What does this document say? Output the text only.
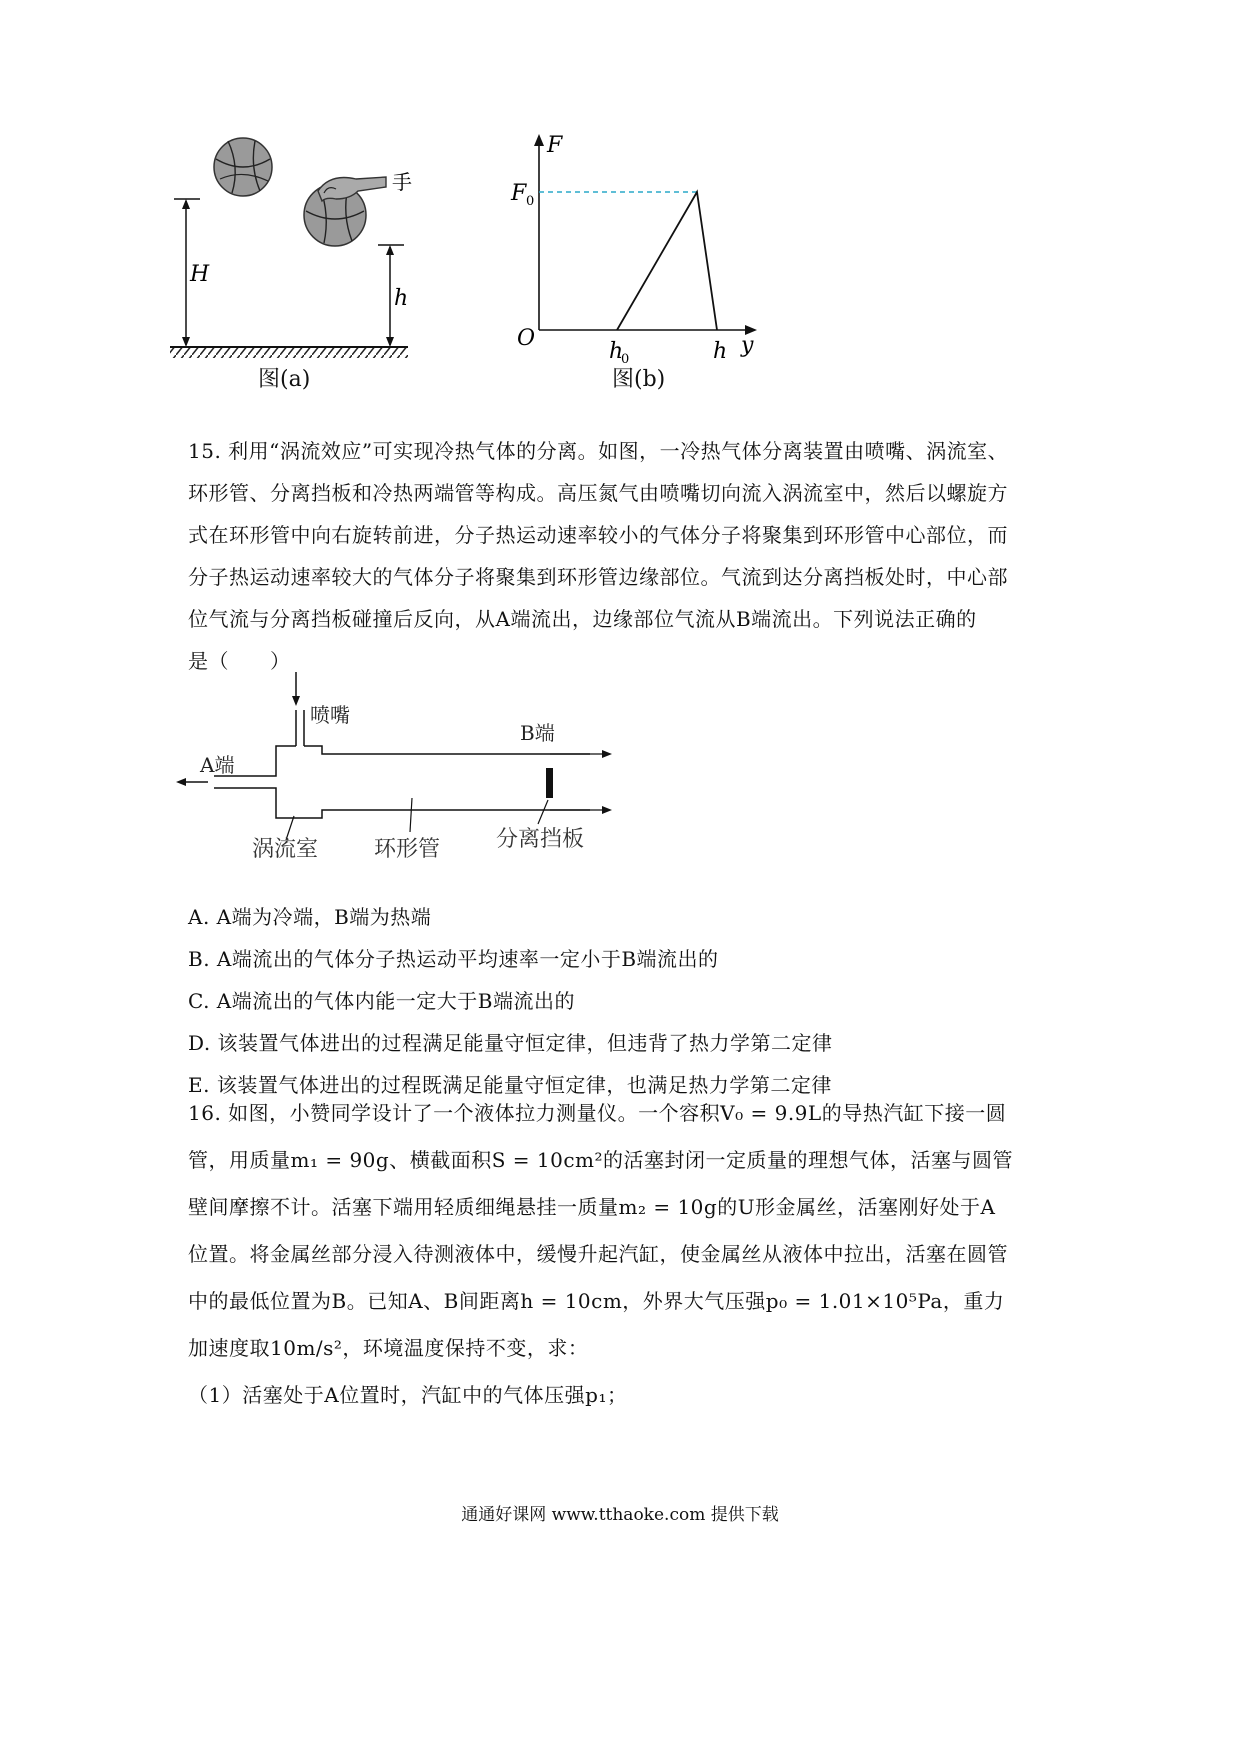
手
H
h
图(a)
F
y
O
F 0
h
0	h
图(b)
15. 利用“涡流效应”可实现冷热气体的分离。如图，一冷热气体分离装置由喷嘴、涡流室、
环形管、分离挡板和冷热两端管等构成。高压氮气由喷嘴切向流入涡流室中，然后以螺旋方
式在环形管中向右旋转前进，分子热运动速率较小的气体分子将聚集到环形管中心部位，而
分子热运动速率较大的气体分子将聚集到环形管边缘部位。气流到达分离挡板处时，中心部
位气流与分离挡板碰撞后反向，从A端流出，边缘部位气流从B端流出。下列说法正确的
是（　　）
喷嘴
A端
B端
涡流室	环形管	分离挡板
A. A端为冷端，B端为热端
B. A端流出的气体分子热运动平均速率一定小于B端流出的
C. A端流出的气体内能一定大于B端流出的
D. 该装置气体进出的过程满足能量守恒定律，但违背了热力学第二定律
E. 该装置气体进出的过程既满足能量守恒定律，也满足热力学第二定律
16. 如图，小赞同学设计了一个液体拉力测量仪。一个容积V₀ = 9.9L的导热汽缸下接一圆
管，用质量m₁ = 90g、横截面积S = 10cm²的活塞封闭一定质量的理想气体，活塞与圆管
壁间摩擦不计。活塞下端用轻质细绳悬挂一质量m₂ = 10g的U形金属丝，活塞刚好处于A
位置。将金属丝部分浸入待测液体中，缓慢升起汽缸，使金属丝从液体中拉出，活塞在圆管
中的最低位置为B。已知A、B间距离h = 10cm，外界大气压强p₀ = 1.01×10⁵Pa，重力
加速度取10m/s²，环境温度保持不变，求：
（1）活塞处于A位置时，汽缸中的气体压强p₁；
通通好课网 www.tthaoke.com 提供下载
